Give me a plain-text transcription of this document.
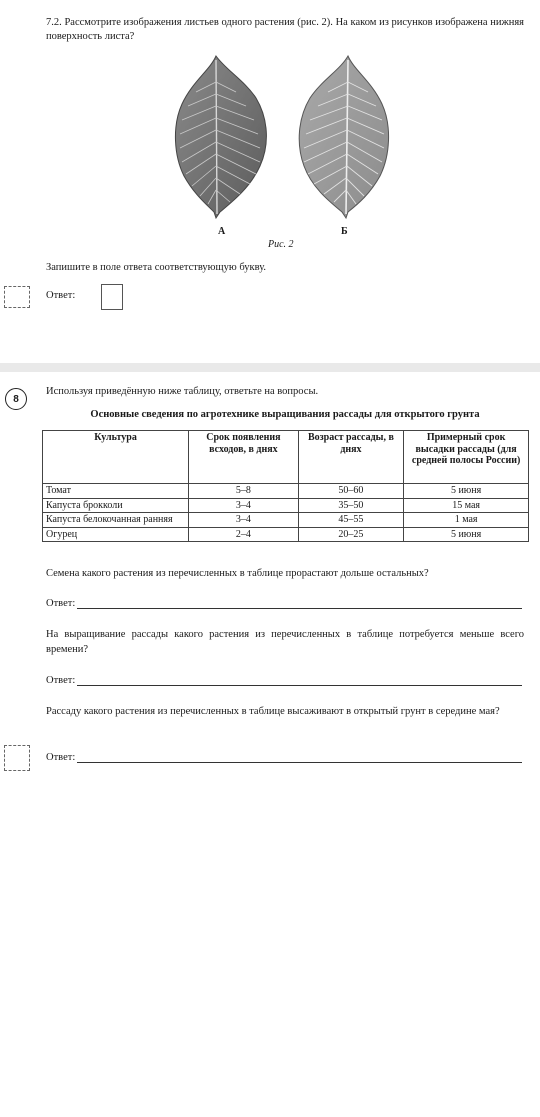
7.2. Рассмотрите изображения листьев одного растения (рис. 2). На каком из рисунков изображена нижняя поверхность листа?
А	Б
Рис. 2
Запишите в поле ответа соответствующую букву.
Ответ:
8
Используя приведённую ниже таблицу, ответьте на вопросы.
Основные сведения по агротехнике выращивания рассады для открытого грунта
Культура	Срок появления всходов, в днях	Возраст рассады, в днях	Примерный срок высадки рассады (для средней полосы России)
Томат	5–8	50–60	5 июня
Капуста брокколи	3–4	35–50	15 мая
Капуста белокочанная ранняя	3–4	45–55	1 мая
Огурец	2–4	20–25	5 июня
Семена какого растения из перечисленных в таблице прорастают дольше остальных?
Ответ:
На выращивание рассады какого растения из перечисленных в таблице потребуется меньше всего времени?
Ответ:
Рассаду какого растения из перечисленных в таблице высаживают в открытый грунт в середине мая?
Ответ:
